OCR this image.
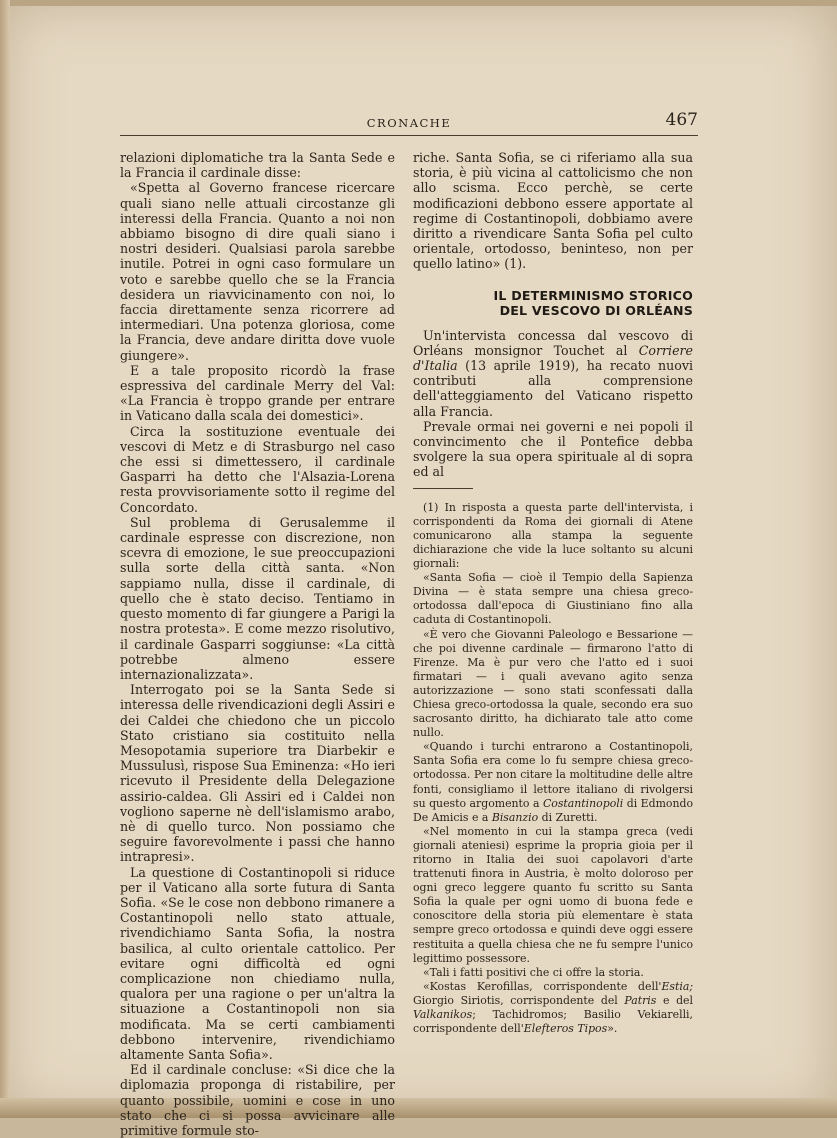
CRONACHE	467

relazioni diplomatiche tra la Santa Sede e la Francia il cardinale disse:

«Spetta al Governo francese ricercare quali siano nelle attuali circostanze gli interessi della Francia. Quanto a noi non abbiamo bisogno di dire quali siano i nostri desideri. Qualsiasi parola sarebbe inutile. Potrei in ogni caso formulare un voto e sarebbe quello che se la Francia desidera un riavvicinamento con noi, lo faccia direttamente senza ricorrere ad intermediari. Una potenza gloriosa, come la Francia, deve andare diritta dove vuole giungere».

E a tale proposito ricordò la frase espressiva del cardinale Merry del Val: «La Francia è troppo grande per entrare in Vaticano dalla scala dei domestici».

Circa la sostituzione eventuale dei vescovi di Metz e di Strasburgo nel caso che essi si dimettessero, il cardinale Gasparri ha detto che l'Alsazia-Lorena resta provvisoriamente sotto il regime del Concordato.

Sul problema di Gerusalemme il cardinale espresse con discrezione, non scevra di emozione, le sue preoccupazioni sulla sorte della città santa. «Non sappiamo nulla, disse il cardinale, di quello che è stato deciso. Tentiamo in questo momento di far giungere a Parigi la nostra protesta». E come mezzo risolutivo, il cardinale Gasparri soggiunse: «La città potrebbe almeno essere internazionalizzata».

Interrogato poi se la Santa Sede si interessa delle rivendicazioni degli Assiri e dei Caldei che chiedono che un piccolo Stato cristiano sia costituito nella Mesopotamia superiore tra Diarbekir e Mussulusì, rispose Sua Eminenza: «Ho ieri ricevuto il Presidente della Delegazione assirio-caldea. Gli Assiri ed i Caldei non vogliono saperne nè dell'islamismo arabo, nè di quello turco. Non possiamo che seguire favorevolmente i passi che hanno intrapresi».

La questione di Costantinopoli si riduce per il Vaticano alla sorte futura di Santa Sofia. «Se le cose non debbono rimanere a Costantinopoli nello stato attuale, rivendichiamo Santa Sofia, la nostra basilica, al culto orientale cattolico. Per evitare ogni difficoltà ed ogni complicazione non chiediamo nulla, qualora per una ragione o per un'altra la situazione a Costantinopoli non sia modificata. Ma se certi cambiamenti debbono intervenire, rivendichiamo altamente Santa Sofia».

Ed il cardinale concluse: «Si dice che la diplomazia proponga di ristabilire, per quanto possibile, uomini e cose in uno stato che ci si possa avvicinare alle primitive formule sto-

riche. Santa Sofia, se ci riferiamo alla sua storia, è più vicina al cattolicismo che non allo scisma. Ecco perchè, se certe modificazioni debbono essere apportate al regime di Costantinopoli, dobbiamo avere diritto a rivendicare Santa Sofia pel culto orientale, ortodosso, beninteso, non per quello latino» (1).

IL DETERMINISMO STORICO
DEL VESCOVO DI ORLÉANS

Un'intervista concessa dal vescovo di Orléans monsignor Touchet al Corriere d'Italia (13 aprile 1919), ha recato nuovi contributi alla comprensione dell'atteggiamento del Vaticano rispetto alla Francia.

Prevale ormai nei governi e nei popoli il convincimento che il Pontefice debba svolgere la sua opera spirituale al di sopra ed al

(1) In risposta a questa parte dell'intervista, i corrispondenti da Roma dei giornali di Atene comunicarono alla stampa la seguente dichiarazione che vide la luce soltanto su alcuni giornali:

«Santa Sofia — cioè il Tempio della Sapienza Divina — è stata sempre una chiesa greco-ortodossa dall'epoca di Giustiniano fino alla caduta di Costantinopoli.

«È vero che Giovanni Paleologo e Bessarione — che poi divenne cardinale — firmarono l'atto di Firenze. Ma è pur vero che l'atto ed i suoi firmatari — i quali avevano agito senza autorizzazione — sono stati sconfessati dalla Chiesa greco-ortodossa la quale, secondo era suo sacrosanto diritto, ha dichiarato tale atto come nullo.

«Quando i turchi entrarono a Costantinopoli, Santa Sofia era come lo fu sempre chiesa greco-ortodossa. Per non citare la moltitudine delle altre fonti, consigliamo il lettore italiano di rivolgersi su questo argomento a Costantinopoli di Edmondo De Amicis e a Bisanzio di Zuretti.

«Nel momento in cui la stampa greca (vedi giornali ateniesi) esprime la propria gioia per il ritorno in Italia dei suoi capolavori d'arte trattenuti finora in Austria, è molto doloroso per ogni greco leggere quanto fu scritto su Santa Sofia la quale per ogni uomo di buona fede e conoscitore della storia più elementare è stata sempre greco ortodossa e quindi deve oggi essere restituita a quella chiesa che ne fu sempre l'unico legittimo possessore.

«Tali i fatti positivi che ci offre la storia.

«Kostas Kerofillas, corrispondente dell'Estia; Giorgio Siriotis, corrispondente del Patris e del Valkanikos; Tachidromos; Basilio Vekiarelli, corrispondente dell'Elefteros Tipos».
